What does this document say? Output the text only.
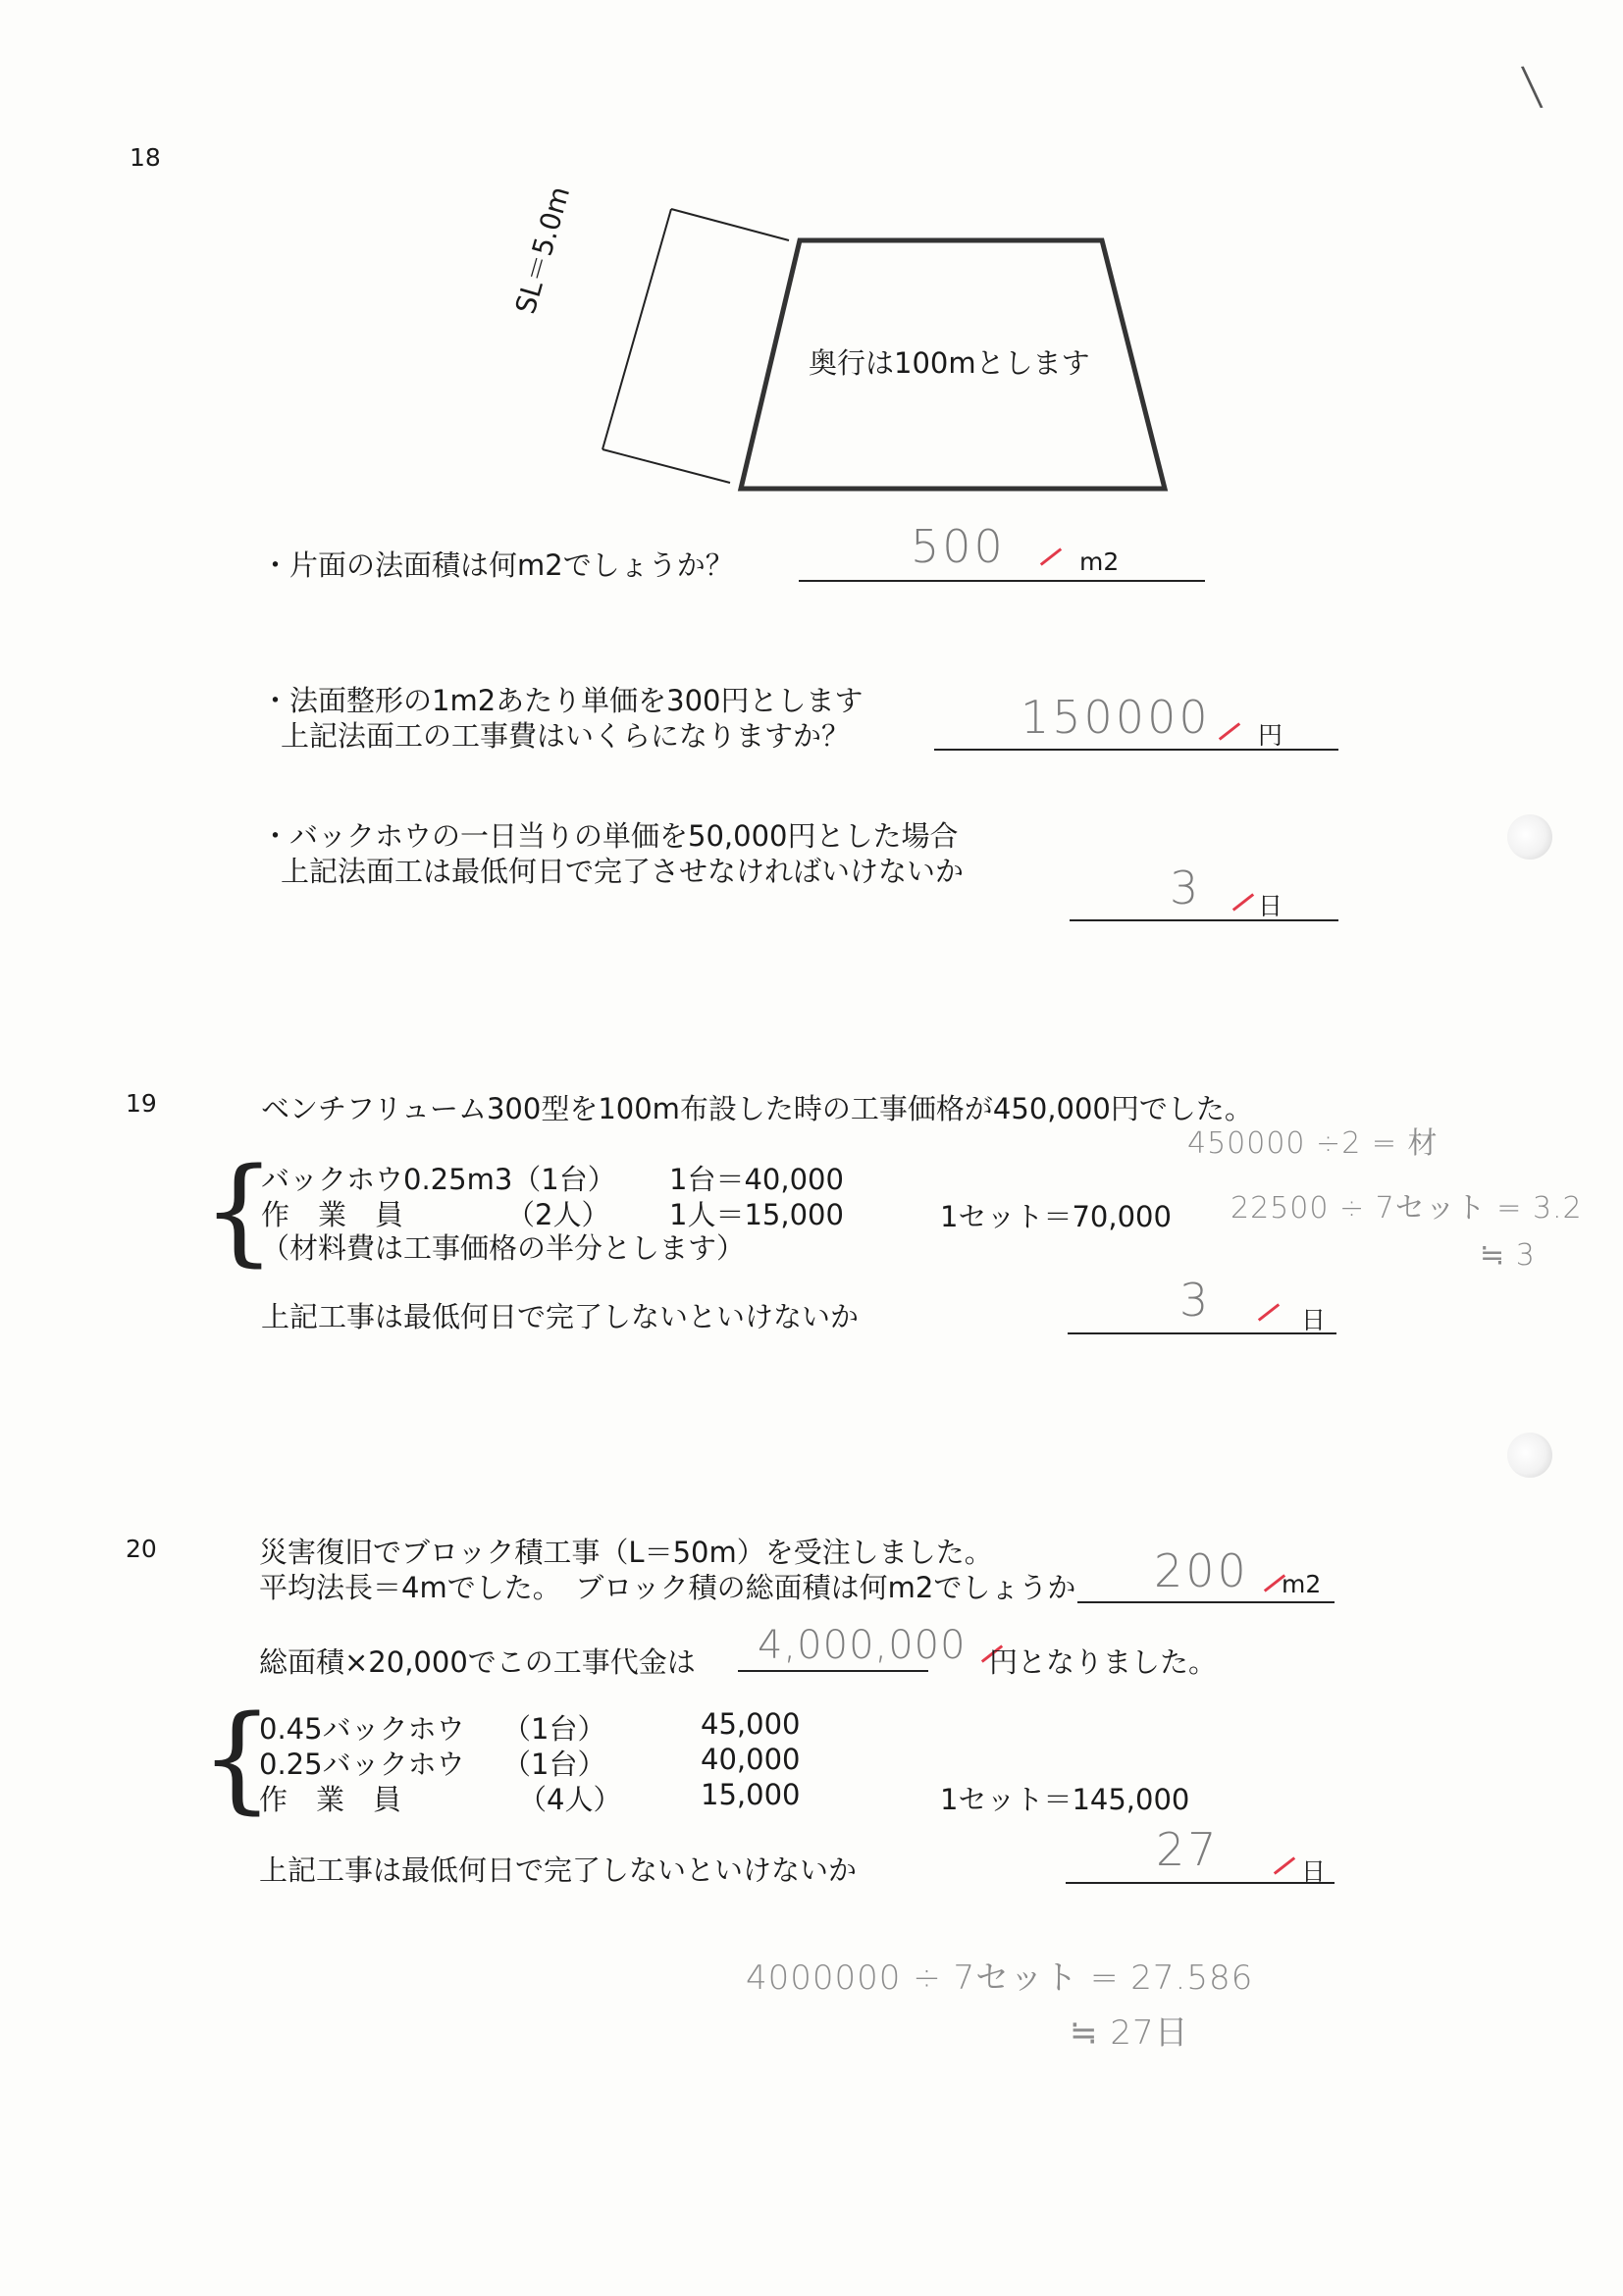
\
18
SL＝5.0m
奥行は100mとします
・片面の法面積は何m2でしょうか？	500	m2
・法面整形の1m2あたり単価を300円とします
上記法面工の工事費はいくらになりますか？	150000 円
・バックホウの一日当りの単価を50,000円とした場合
上記法面工は最低何日で完了させなければいけないか	3 日
19	ベンチフリューム300型を100m布設した時の工事価格が450,000円でした。
{
バックホウ0.25m3（1台） 1台＝40,000
作　業　員	（2人） 1人＝15,000	1セット＝70,000
（材料費は工事価格の半分とします）
450000 ÷2 = 材
22500 ÷ 7セット = 3.2
≒ 3
上記工事は最低何日で完了しないといけないか	3	日
20	災害復旧でブロック積工事（L＝50m）を受注しました。
平均法長＝4mでした。　ブロック積の総面積は何m2でしょうか 200 m2
総面積×20,000でこの工事代金は 4,000,000 円となりました。
{
0.45バックホウ （1台）	45,000
0.25バックホウ （1台）	40,000
作　業　員	（4人）	15,000	1セット＝145,000
上記工事は最低何日で完了しないといけないか	27	日
4000000 ÷ 7セット = 27.586
≒ 27日
